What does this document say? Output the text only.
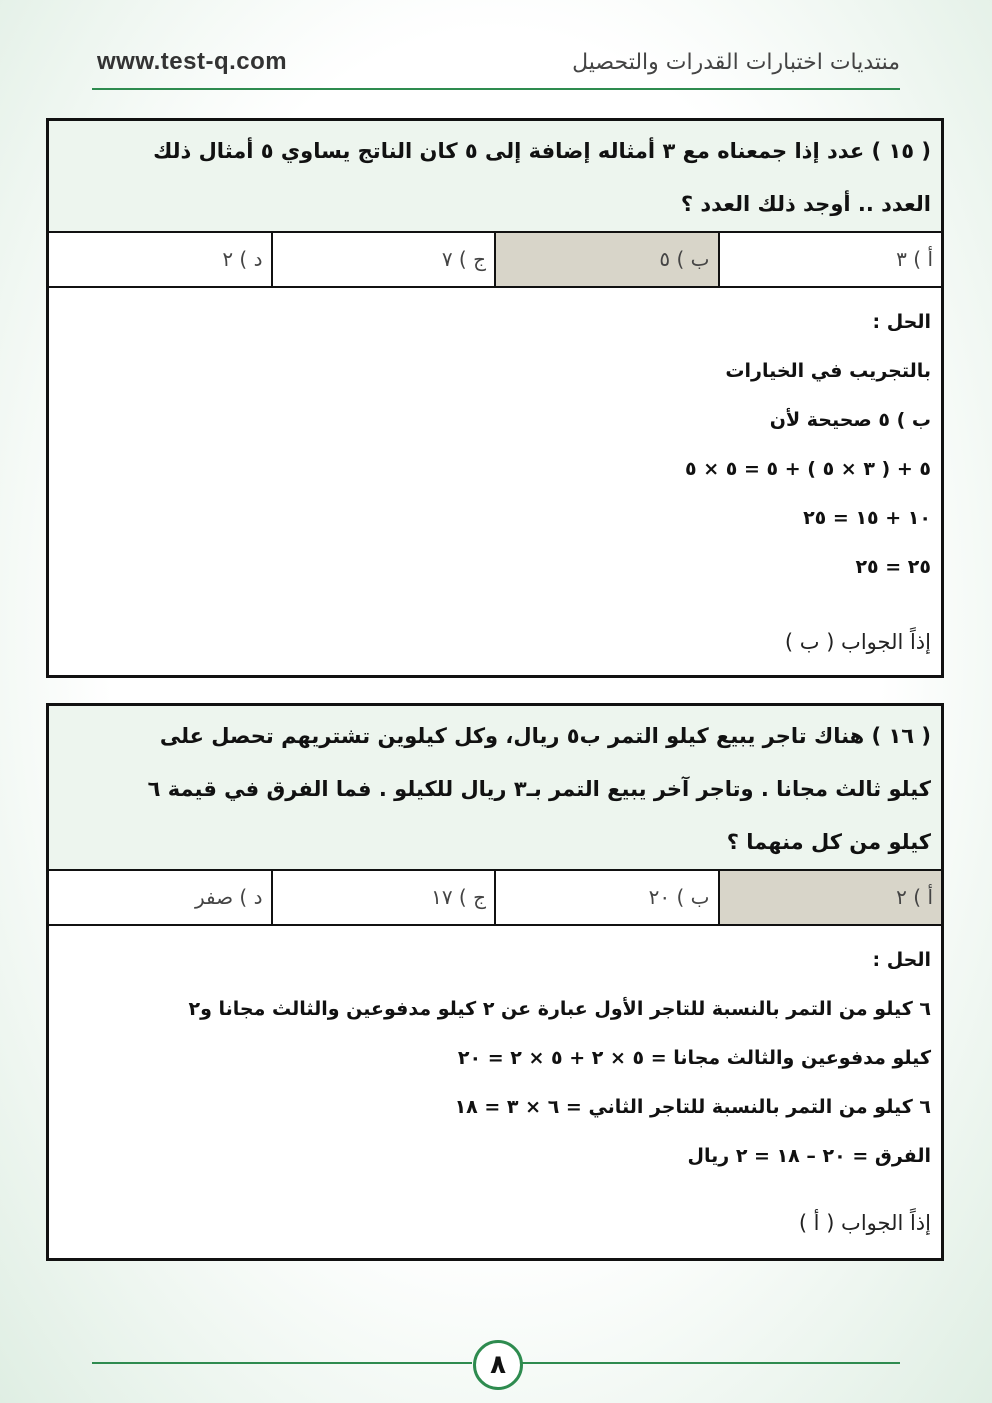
www.test-q.com	منتديات اختبارات القدرات والتحصيل
( ١٥ ) عدد إذا جمعناه مع ٣ أمثاله إضافة إلى ٥ كان الناتج يساوي ٥ أمثال ذلك
العدد .. أوجد ذلك العدد ؟
أ ) ٣
ب ) ٥
ج ) ٧
د ) ٢
الحل :
بالتجريب في الخيارات
ب ) ٥ صحيحة لأن
٥ + ( ٣ × ٥ ) + ٥ = ٥ × ٥
١٠ + ١٥ = ٢٥
٢٥ = ٢٥
إذاً الجواب ( ب )
( ١٦ ) هناك تاجر يبيع كيلو التمر ب٥ ريال، وكل كيلوين تشتريهم تحصل على
كيلو ثالث مجانا . وتاجر آخر يبيع التمر بـ٣ ريال للكيلو . فما الفرق في قيمة ٦
كيلو من كل منهما ؟
أ ) ٢
ب ) ٢٠
ج ) ١٧
د ) صفر
الحل :
٦ كيلو من التمر بالنسبة للتاجر الأول عبارة عن ٢ كيلو مدفوعين والثالث مجانا و٢
كيلو مدفوعين والثالث مجانا = ٥ × ٢ + ٥ × ٢ = ٢٠
٦ كيلو من التمر بالنسبة للتاجر الثاني = ٦ × ٣ = ١٨
الفرق = ٢٠ – ١٨ = ٢ ريال
إذاً الجواب ( أ )
٨
